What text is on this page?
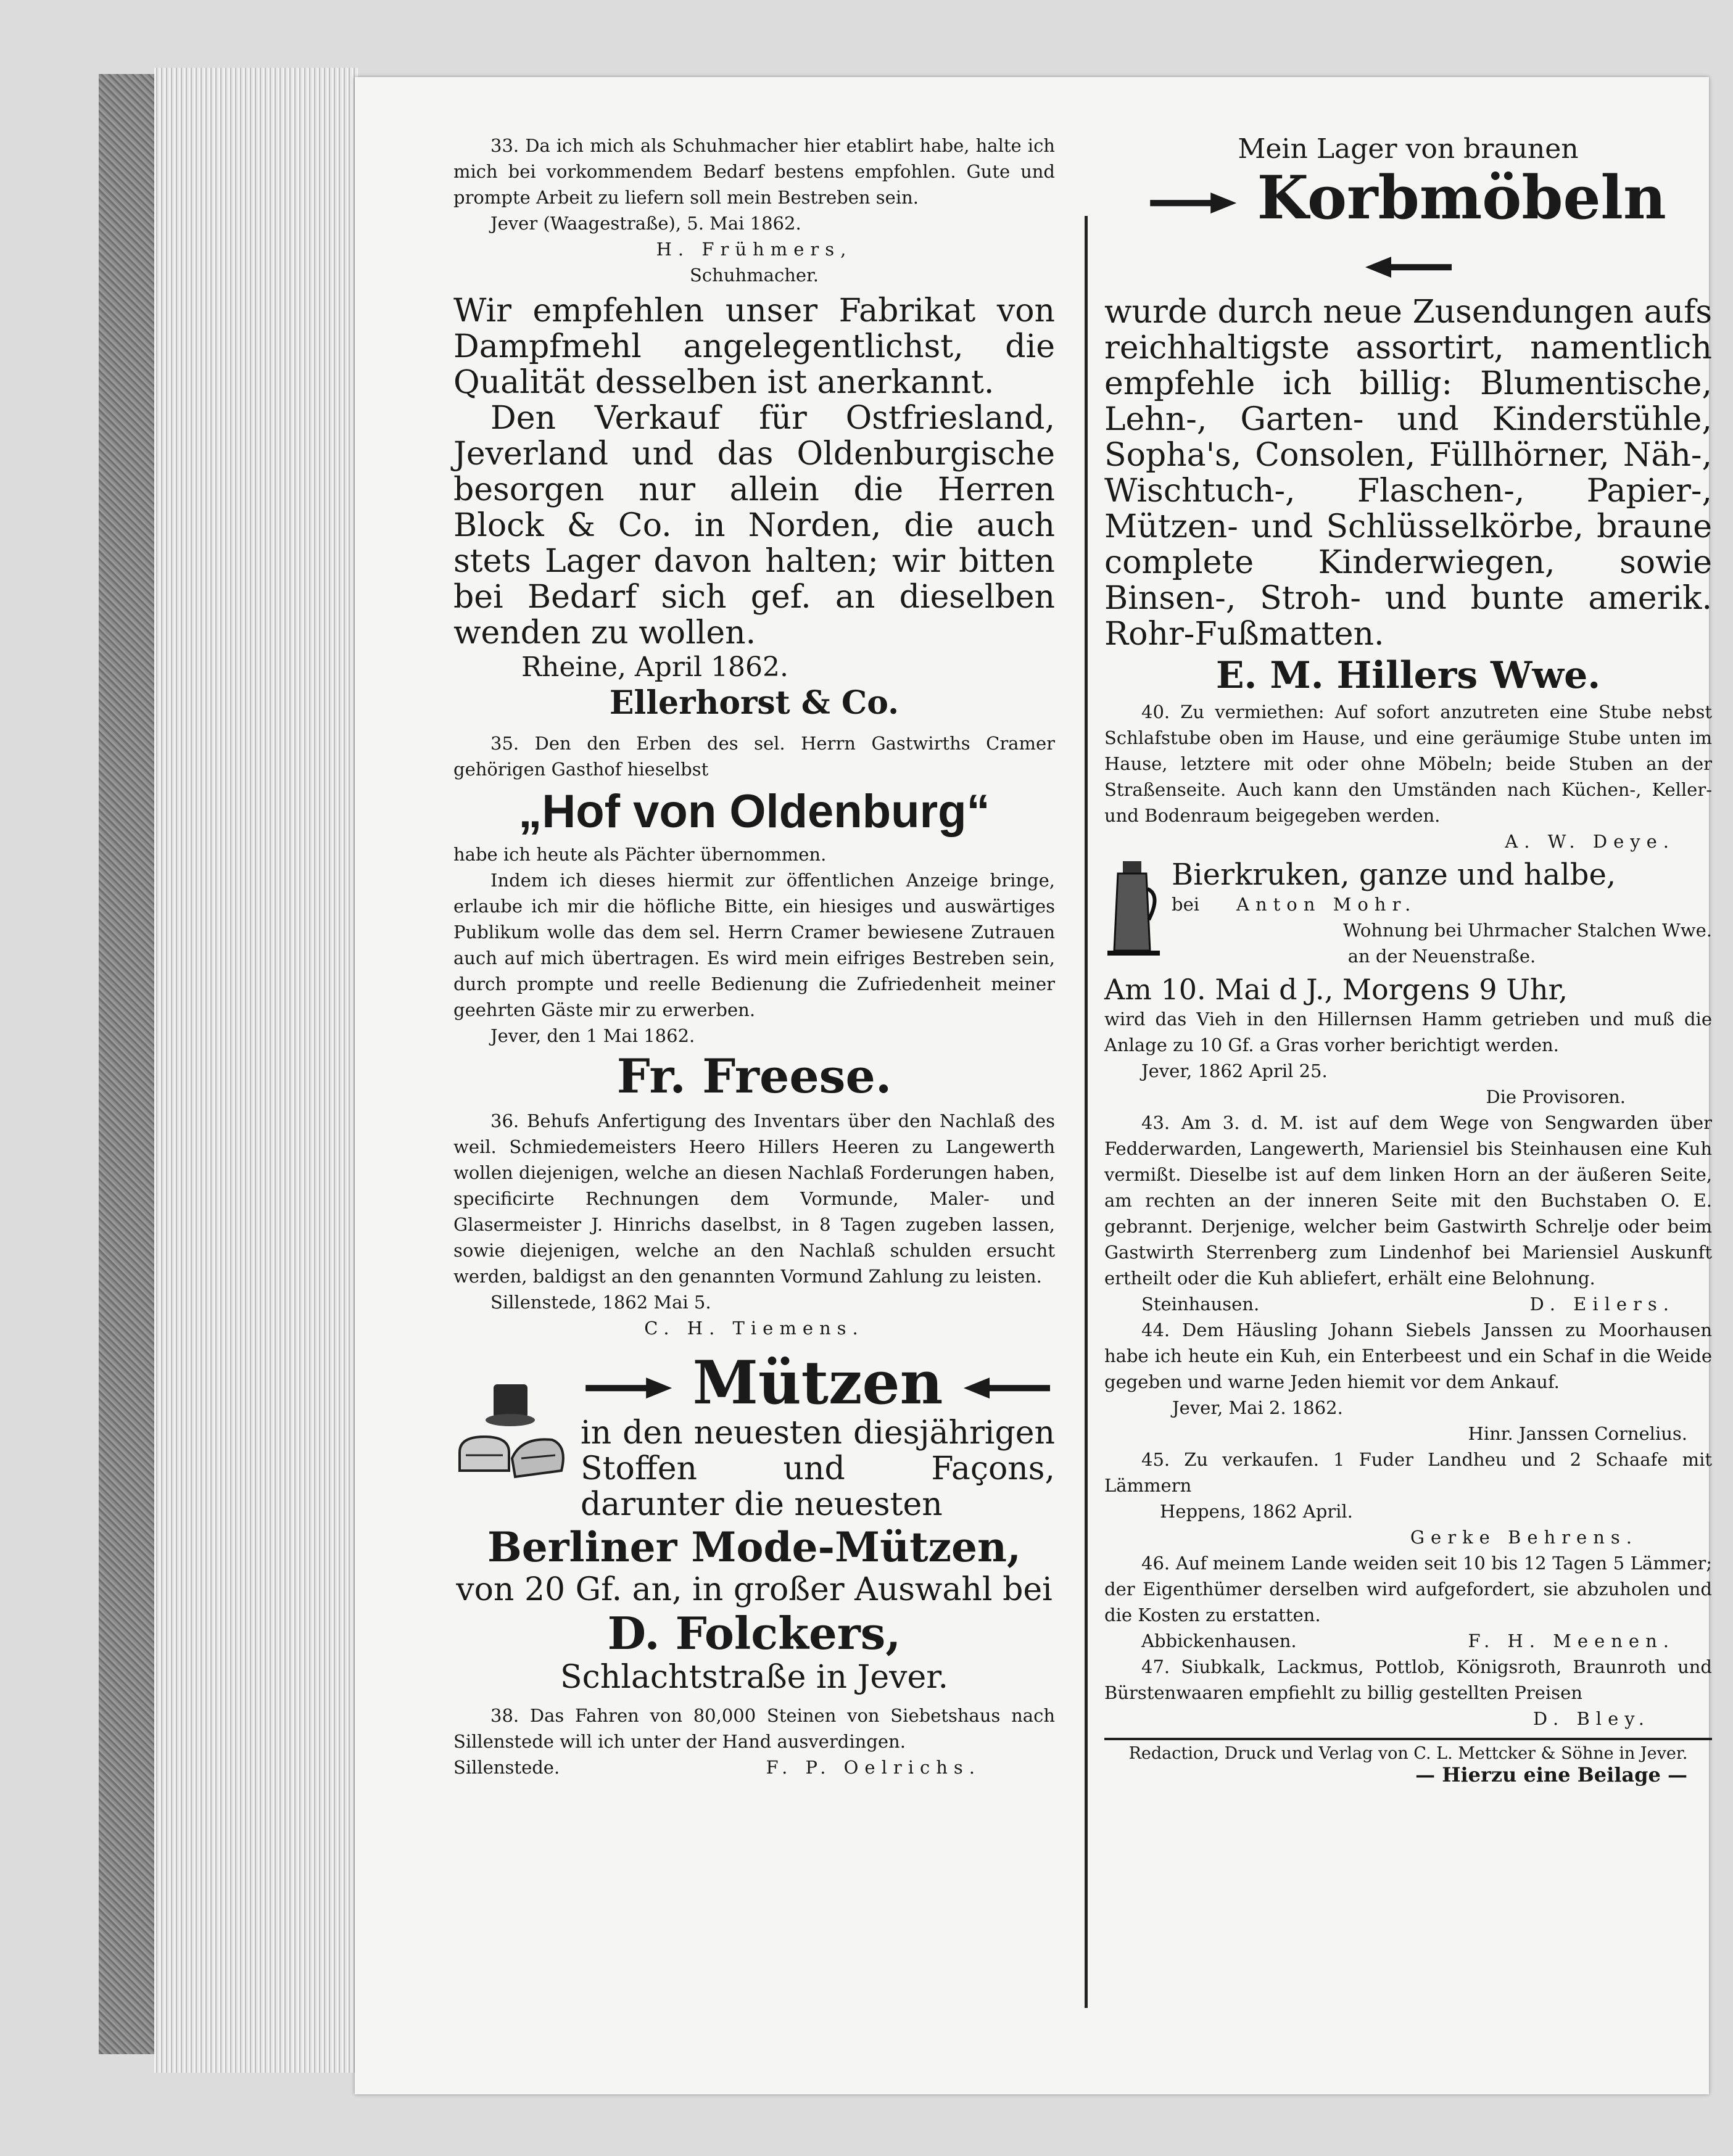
33. Da ich mich als Schuhmacher hier etablirt habe, halte ich mich bei vorkommendem Bedarf bestens empfohlen. Gute und prompte Arbeit zu liefern soll mein Bestreben sein.

Jever (Waagestraße), 5. Mai 1862.

H. Frühmers,

Schuhmacher.

Wir empfehlen unser Fabrikat von Dampfmehl angelegentlichst, die Qualität desselben ist anerkannt.

Den Verkauf für Ostfriesland, Jeverland und das Oldenburgische besorgen nur allein die Herren Block & Co. in Norden, die auch stets Lager davon halten; wir bitten bei Bedarf sich gef. an dieselben wenden zu wollen.

Rheine, April 1862.

Ellerhorst & Co.

35. Den den Erben des sel. Herrn Gastwirths Cramer gehörigen Gasthof hieselbst

„Hof von Oldenburg“

habe ich heute als Pächter übernommen.

Indem ich dieses hiermit zur öffentlichen Anzeige bringe, erlaube ich mir die höfliche Bitte, ein hiesiges und auswärtiges Publikum wolle das dem sel. Herrn Cramer bewiesene Zutrauen auch auf mich übertragen. Es wird mein eifriges Bestreben sein, durch prompte und reelle Bedienung die Zufriedenheit meiner geehrten Gäste mir zu erwerben.

Jever, den 1 Mai 1862.

Fr. Freese.

36. Behufs Anfertigung des Inventars über den Nachlaß des weil. Schmiedemeisters Heero Hillers Heeren zu Langewerth wollen diejenigen, welche an diesen Nachlaß Forderungen haben, specificirte Rechnungen dem Vormunde, Maler- und Glasermeister J. Hinrichs daselbst, in 8 Tagen zugeben lassen, sowie diejenigen, welche an den Nachlaß schulden ersucht werden, baldigst an den genannten Vormund Zahlung zu leisten.

Sillenstede, 1862 Mai 5.

C. H. Tiemens.

Mützen

in den neuesten diesjährigen Stoffen und Façons, darunter die neuesten

Berliner Mode-Mützen,

von 20 Gf. an, in großer Auswahl bei

D. Folckers,

Schlachtstraße in Jever.

38. Das Fahren von 80,000 Steinen von Siebetshaus nach Sillenstede will ich unter der Hand ausverdingen.

Sillenstede.	F. P. Oelrichs.

Mein Lager von braunen

Korbmöbeln

wurde durch neue Zusendungen aufs reichhaltigste assortirt, namentlich empfehle ich billig: Blumentische, Lehn-, Garten- und Kinderstühle, Sopha's, Consolen, Füllhörner, Näh-, Wischtuch-, Flaschen-, Papier-, Mützen- und Schlüsselkörbe, braune complete Kinderwiegen, sowie Binsen-, Stroh- und bunte amerik. Rohr-Fußmatten.

E. M. Hillers Wwe.

40. Zu vermiethen: Auf sofort anzutreten eine Stube nebst Schlafstube oben im Hause, und eine geräumige Stube unten im Hause, letztere mit oder ohne Möbeln; beide Stuben an der Straßenseite. Auch kann den Umständen nach Küchen-, Keller- und Bodenraum beigegeben werden.

A. W. Deye.

Bierkruken, ganze und halbe,

bei Anton Mohr.

Wohnung bei Uhrmacher Stalchen Wwe.

an der Neuenstraße.

Am 10. Mai d J., Morgens 9 Uhr,

wird das Vieh in den Hillernsen Hamm getrieben und muß die Anlage zu 10 Gf. a Gras vorher berichtigt werden.

Jever, 1862 April 25.

Die Provisoren.

43. Am 3. d. M. ist auf dem Wege von Sengwarden über Fedderwarden, Langewerth, Mariensiel bis Steinhausen eine Kuh vermißt. Dieselbe ist auf dem linken Horn an der äußeren Seite, am rechten an der inneren Seite mit den Buchstaben O. E. gebrannt. Derjenige, welcher beim Gastwirth Schrelje oder beim Gastwirth Sterrenberg zum Lindenhof bei Mariensiel Auskunft ertheilt oder die Kuh abliefert, erhält eine Belohnung.

Steinhausen.	D. Eilers.

44. Dem Häusling Johann Siebels Janssen zu Moorhausen habe ich heute ein Kuh, ein Enterbeest und ein Schaf in die Weide gegeben und warne Jeden hiemit vor dem Ankauf.

Jever, Mai 2. 1862.

Hinr. Janssen Cornelius.

45. Zu verkaufen. 1 Fuder Landheu und 2 Schaafe mit Lämmern

Heppens, 1862 April.

Gerke Behrens.

46. Auf meinem Lande weiden seit 10 bis 12 Tagen 5 Lämmer; der Eigenthümer derselben wird aufgefordert, sie abzuholen und die Kosten zu erstatten.

Abbickenhausen.	F. H. Meenen.

47. Siubkalk, Lackmus, Pottlob, Königsroth, Braunroth und Bürstenwaaren empfiehlt zu billig gestellten Preisen

D. Bley.

Redaction, Druck und Verlag von C. L. Mettcker & Söhne in Jever.

— Hierzu eine Beilage —
